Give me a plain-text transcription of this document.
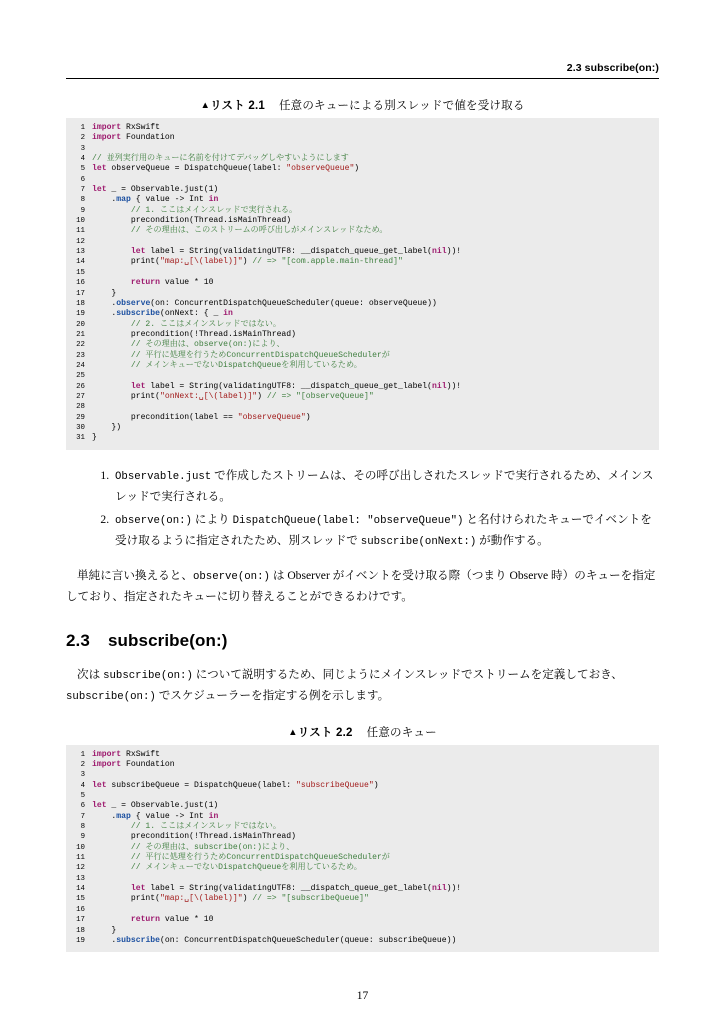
2.3 subscribe(on:)
▲リスト 2.1 任意のキューによる別スレッドで値を受け取る
1 import RxSwift
2 import Foundation
3
4 // 並列実行用のキューに名前を付けてデバッグしやすいようにします
5 let observeQueue = DispatchQueue(label: "observeQueue")
6
7 let _ = Observable.just(1)
8 .map { value -> Int in
9	// 1. ここはメインスレッドで実行される。
10 precondition(Thread.isMainThread)
11	// その理由は、このストリームの呼び出しがメインスレッドなため。
12
13	let label = String(validatingUTF8: __dispatch_queue_get_label(nil))!
14 print("map:␣[\(label)]") // => "[com.apple.main-thread]"
15
16	return value * 10
17 }
18 .observe(on: ConcurrentDispatchQueueScheduler(queue: observeQueue))
19 .subscribe(onNext: { _ in
20	// 2. ここはメインスレッドではない。
21 precondition(!Thread.isMainThread)
22	// その理由は、observe(on:)により、
23	// 平行に処理を行うためConcurrentDispatchQueueSchedulerが
24	// メインキューでないDispatchQueueを利用しているため。
25
26	let label = String(validatingUTF8: __dispatch_queue_get_label(nil))!
27 print("onNext:␣[\(label)]") // => "[observeQueue]"
28
29 precondition(label == "observeQueue")
30 })
31 }
1. Observable.just で作成したストリームは、その呼び出しされたスレッドで実行されるため、メインスレッドで実行される。
2. observe(on:) により DispatchQueue(label: "observeQueue") と名付けられたキューでイベントを受け取るように指定されたため、別スレッドで subscribe(onNext:) が動作する。

単純に言い換えると、observe(on:) は Observer がイベントを受け取る際（つまり Observe 時）のキューを指定しており、指定されたキューに切り替えることができるわけです。

2.3 subscribe(on:)

次は subscribe(on:) について説明するため、同じようにメインスレッドでストリームを定義しておき、subscribe(on:) でスケジューラーを指定する例を示します。

▲リスト 2.2 任意のキュー
1 import RxSwift
2 import Foundation
3
4 let subscribeQueue = DispatchQueue(label: "subscribeQueue")
5
6 let _ = Observable.just(1)
7 .map { value -> Int in
8	// 1. ここはメインスレッドではない。
9 precondition(!Thread.isMainThread)
10	// その理由は、subscribe(on:)により、
11	// 平行に処理を行うためConcurrentDispatchQueueSchedulerが
12	// メインキューでないDispatchQueueを利用しているため。
13
14	let label = String(validatingUTF8: __dispatch_queue_get_label(nil))!
15 print("map:␣[\(label)]") // => "[subscribeQueue]"
16
17	return value * 10
18 }
19 .subscribe(on: ConcurrentDispatchQueueScheduler(queue: subscribeQueue))
17
